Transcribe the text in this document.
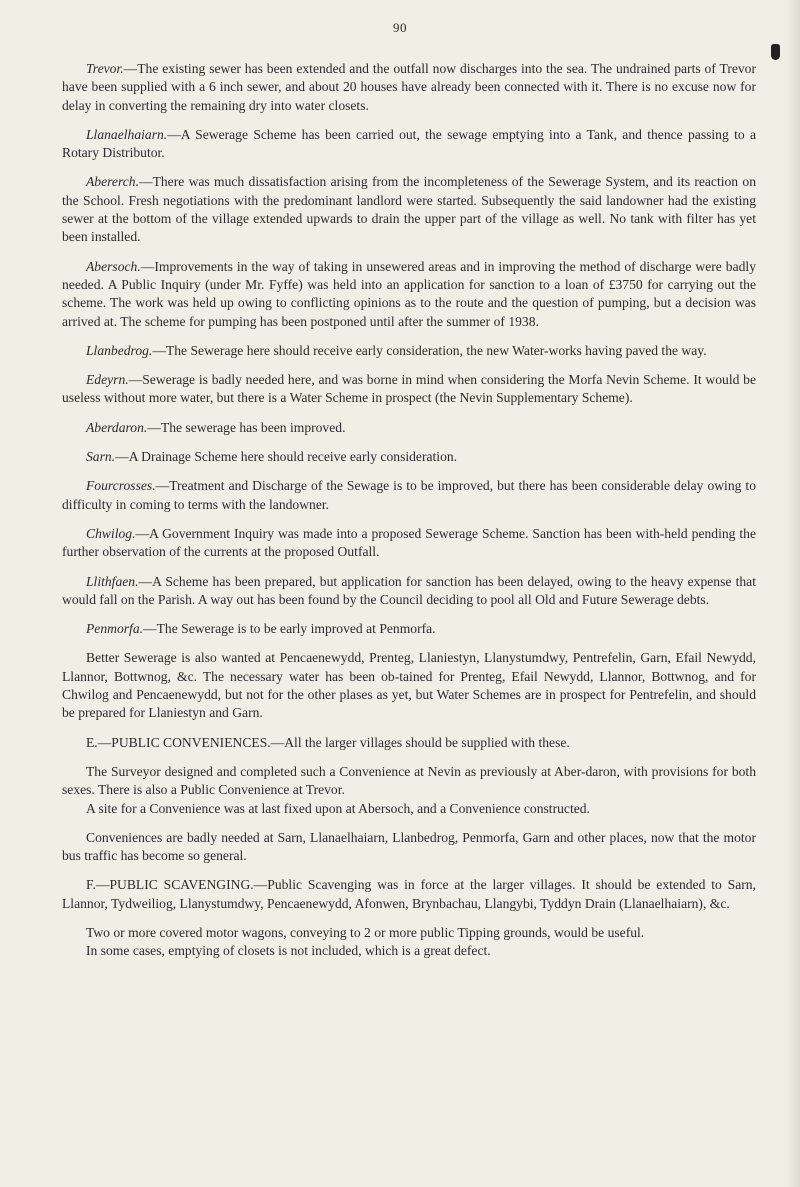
90

Trevor.—The existing sewer has been extended and the outfall now discharges into the sea. The undrained parts of Trevor have been supplied with a 6 inch sewer, and about 20 houses have already been connected with it. There is no excuse now for delay in converting the remaining dry into water closets.

Llanaelhaiarn.—A Sewerage Scheme has been carried out, the sewage emptying into a Tank, and thence passing to a Rotary Distributor.

Abererch.—There was much dissatisfaction arising from the incompleteness of the Sewerage System, and its reaction on the School. Fresh negotiations with the predominant landlord were started. Subsequently the said landowner had the existing sewer at the bottom of the village extended upwards to drain the upper part of the village as well. No tank with filter has yet been installed.

Abersoch.—Improvements in the way of taking in unsewered areas and in improving the method of discharge were badly needed. A Public Inquiry (under Mr. Fyffe) was held into an application for sanction to a loan of £3750 for carrying out the scheme. The work was held up owing to conflicting opinions as to the route and the question of pumping, but a decision was arrived at. The scheme for pumping has been postponed until after the summer of 1938.

Llanbedrog.—The Sewerage here should receive early consideration, the new Water-works having paved the way.

Edeyrn.—Sewerage is badly needed here, and was borne in mind when considering the Morfa Nevin Scheme. It would be useless without more water, but there is a Water Scheme in prospect (the Nevin Supplementary Scheme).

Aberdaron.—The sewerage has been improved.

Sarn.—A Drainage Scheme here should receive early consideration.

Fourcrosses.—Treatment and Discharge of the Sewage is to be improved, but there has been considerable delay owing to difficulty in coming to terms with the landowner.

Chwilog.—A Government Inquiry was made into a proposed Sewerage Scheme. Sanction has been with-held pending the further observation of the currents at the proposed Outfall.

Llithfaen.—A Scheme has been prepared, but application for sanction has been delayed, owing to the heavy expense that would fall on the Parish. A way out has been found by the Council deciding to pool all Old and Future Sewerage debts.

Penmorfa.—The Sewerage is to be early improved at Penmorfa.

Better Sewerage is also wanted at Pencaenewydd, Prenteg, Llaniestyn, Llanystumdwy, Pentrefelin, Garn, Efail Newydd, Llannor, Bottwnog, &c. The necessary water has been ob-tained for Prenteg, Efail Newydd, Llannor, Bottwnog, and for Chwilog and Pencaenewydd, but not for the other plases as yet, but Water Schemes are in prospect for Pentrefelin, and should be prepared for Llaniestyn and Garn.

E.—PUBLIC CONVENIENCES.—All the larger villages should be supplied with these.

The Surveyor designed and completed such a Convenience at Nevin as previously at Aber-daron, with provisions for both sexes. There is also a Public Convenience at Trevor.

A site for a Convenience was at last fixed upon at Abersoch, and a Convenience constructed.

Conveniences are badly needed at Sarn, Llanaelhaiarn, Llanbedrog, Penmorfa, Garn and other places, now that the motor bus traffic has become so general.

F.—PUBLIC SCAVENGING.—Public Scavenging was in force at the larger villages. It should be extended to Sarn, Llannor, Tydweiliog, Llanystumdwy, Pencaenewydd, Afonwen, Brynbachau, Llangybi, Tyddyn Drain (Llanaelhaiarn), &c.

Two or more covered motor wagons, conveying to 2 or more public Tipping grounds, would be useful.

In some cases, emptying of closets is not included, which is a great defect.
